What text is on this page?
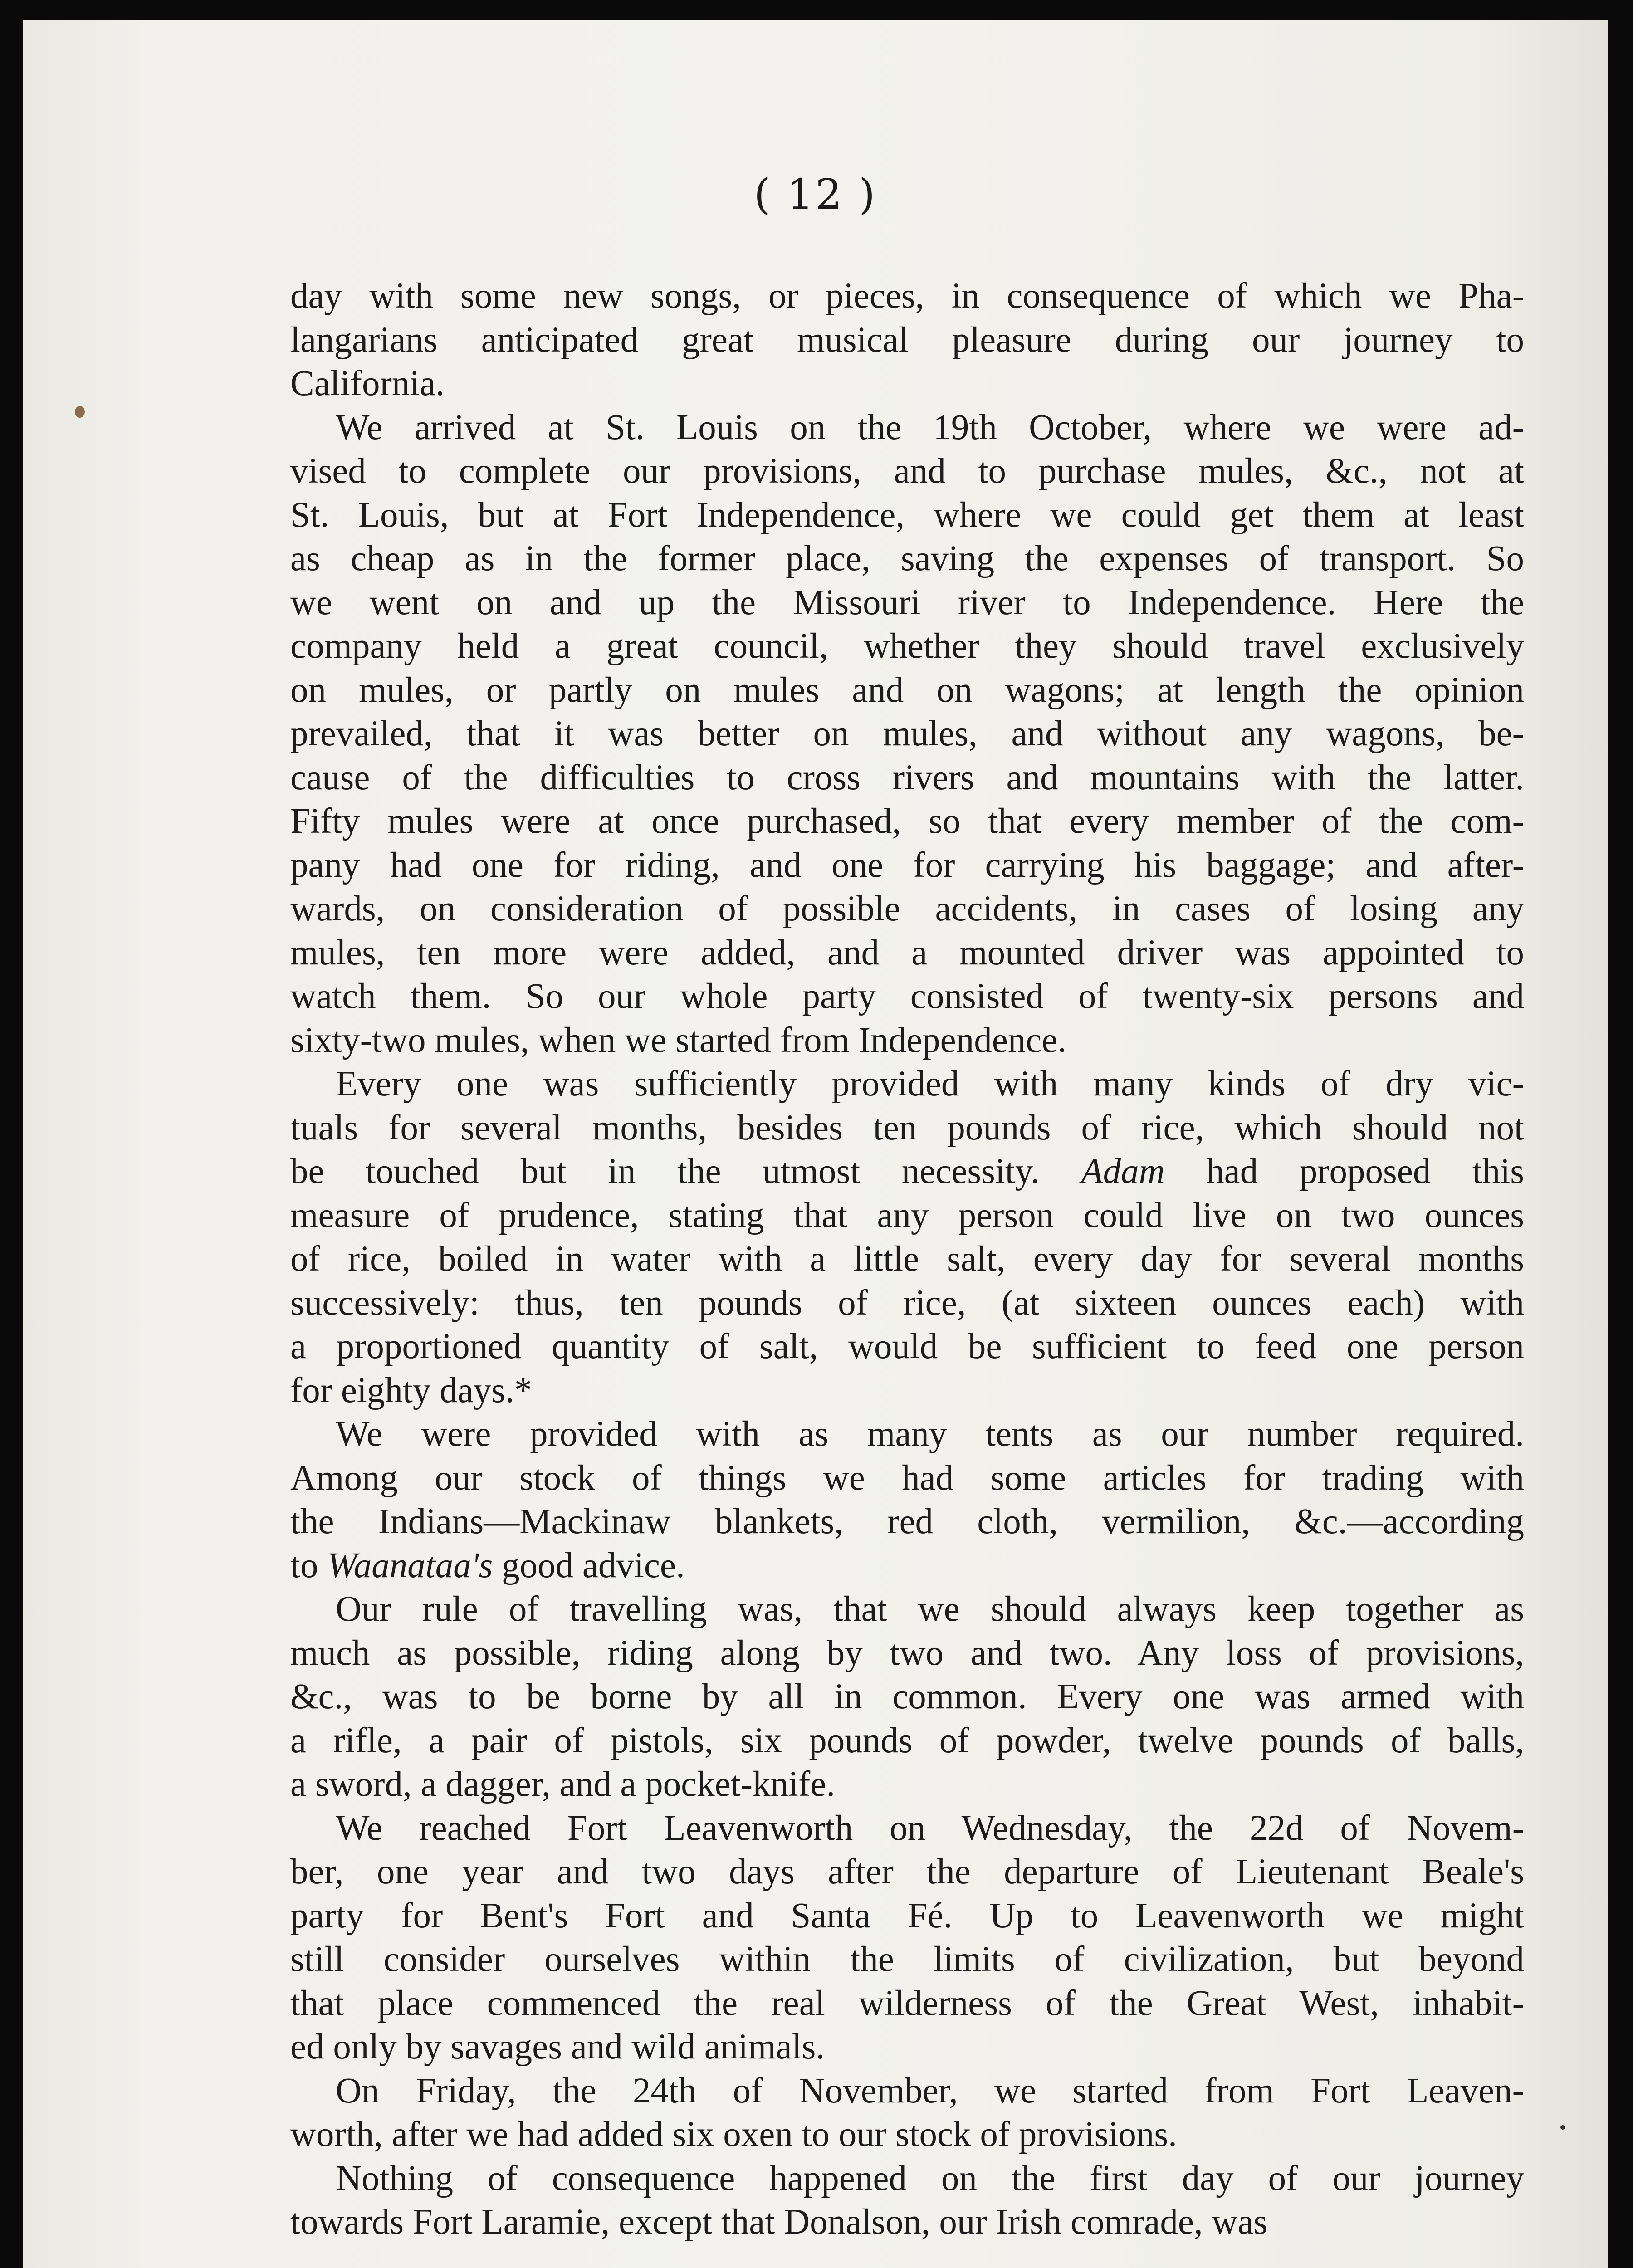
( 12 )
day with some new songs, or pieces, in consequence of which we Pha-
langarians anticipated great musical pleasure during our journey to
California.
We arrived at St. Louis on the 19th October, where we were ad-
vised to complete our provisions, and to purchase mules, &c., not at
St. Louis, but at Fort Independence, where we could get them at least
as cheap as in the former place, saving the expenses of transport. So
we went on and up the Missouri river to Independence. Here the
company held a great council, whether they should travel exclusively
on mules, or partly on mules and on wagons; at length the opinion
prevailed, that it was better on mules, and without any wagons, be-
cause of the difficulties to cross rivers and mountains with the latter.
Fifty mules were at once purchased, so that every member of the com-
pany had one for riding, and one for carrying his baggage; and after-
wards, on consideration of possible accidents, in cases of losing any
mules, ten more were added, and a mounted driver was appointed to
watch them. So our whole party consisted of twenty-six persons and
sixty-two mules, when we started from Independence.
Every one was sufficiently provided with many kinds of dry vic-
tuals for several months, besides ten pounds of rice, which should not
be touched but in the utmost necessity. Adam had proposed this
measure of prudence, stating that any person could live on two ounces
of rice, boiled in water with a little salt, every day for several months
successively: thus, ten pounds of rice, (at sixteen ounces each) with
a proportioned quantity of salt, would be sufficient to feed one person
for eighty days.*
We were provided with as many tents as our number required.
Among our stock of things we had some articles for trading with
the Indians—Mackinaw blankets, red cloth, vermilion, &c.—according
to Waanataa's good advice.
Our rule of travelling was, that we should always keep together as
much as possible, riding along by two and two. Any loss of provisions,
&c., was to be borne by all in common. Every one was armed with
a rifle, a pair of pistols, six pounds of powder, twelve pounds of balls,
a sword, a dagger, and a pocket-knife.
We reached Fort Leavenworth on Wednesday, the 22d of Novem-
ber, one year and two days after the departure of Lieutenant Beale's
party for Bent's Fort and Santa Fé. Up to Leavenworth we might
still consider ourselves within the limits of civilization, but beyond
that place commenced the real wilderness of the Great West, inhabit-
ed only by savages and wild animals.
On Friday, the 24th of November, we started from Fort Leaven-
worth, after we had added six oxen to our stock of provisions.
Nothing of consequence happened on the first day of our journey
towards Fort Laramie, except that Donalson, our Irish comrade, was
